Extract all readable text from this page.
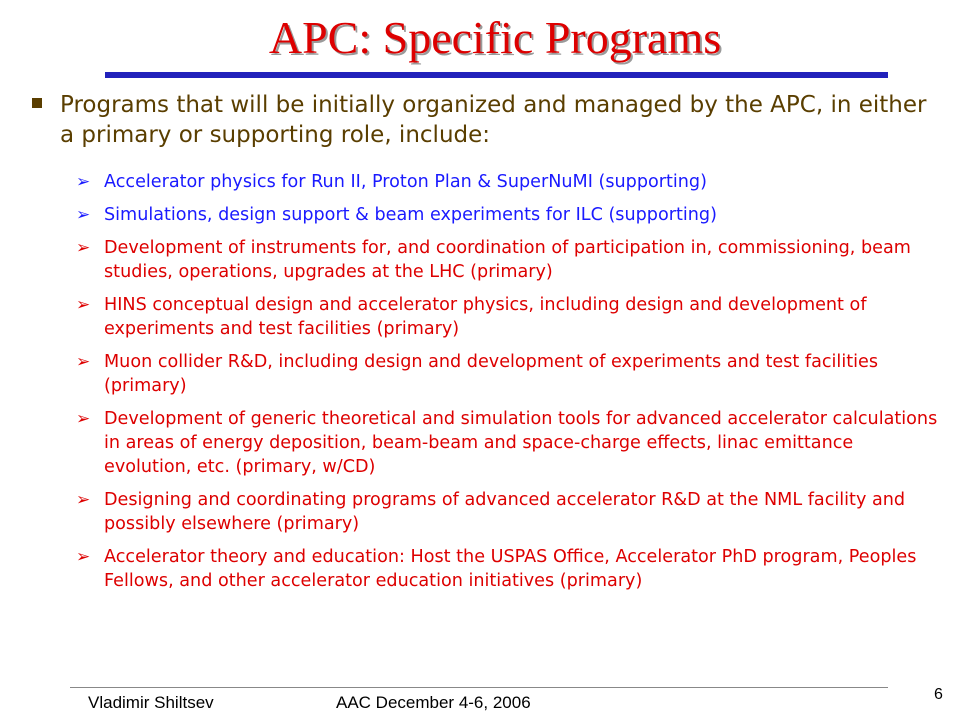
APC: Specific Programs
Programs that will be initially organized and managed by the APC, in either a primary or supporting role, include:
➢ Accelerator physics for Run II, Proton Plan & SuperNuMI (supporting)
➢ Simulations, design support & beam experiments for ILC (supporting)
➢ Development of instruments for, and coordination of participation in, commissioning, beam studies, operations, upgrades at the LHC (primary)
➢ HINS conceptual design and accelerator physics, including design and development of experiments and test facilities (primary)
➢ Muon collider R&D, including design and development of experiments and test facilities (primary)
➢ Development of generic theoretical and simulation tools for advanced accelerator calculations in areas of energy deposition, beam-beam and space-charge effects, linac emittance evolution, etc. (primary, w/CD)
➢ Designing and coordinating programs of advanced accelerator R&D at the NML facility and possibly elsewhere (primary)
➢ Accelerator theory and education: Host the USPAS Office, Accelerator PhD program, Peoples Fellows, and other accelerator education initiatives (primary)
Vladimir Shiltsev	AAC December 4-6, 2006	6
